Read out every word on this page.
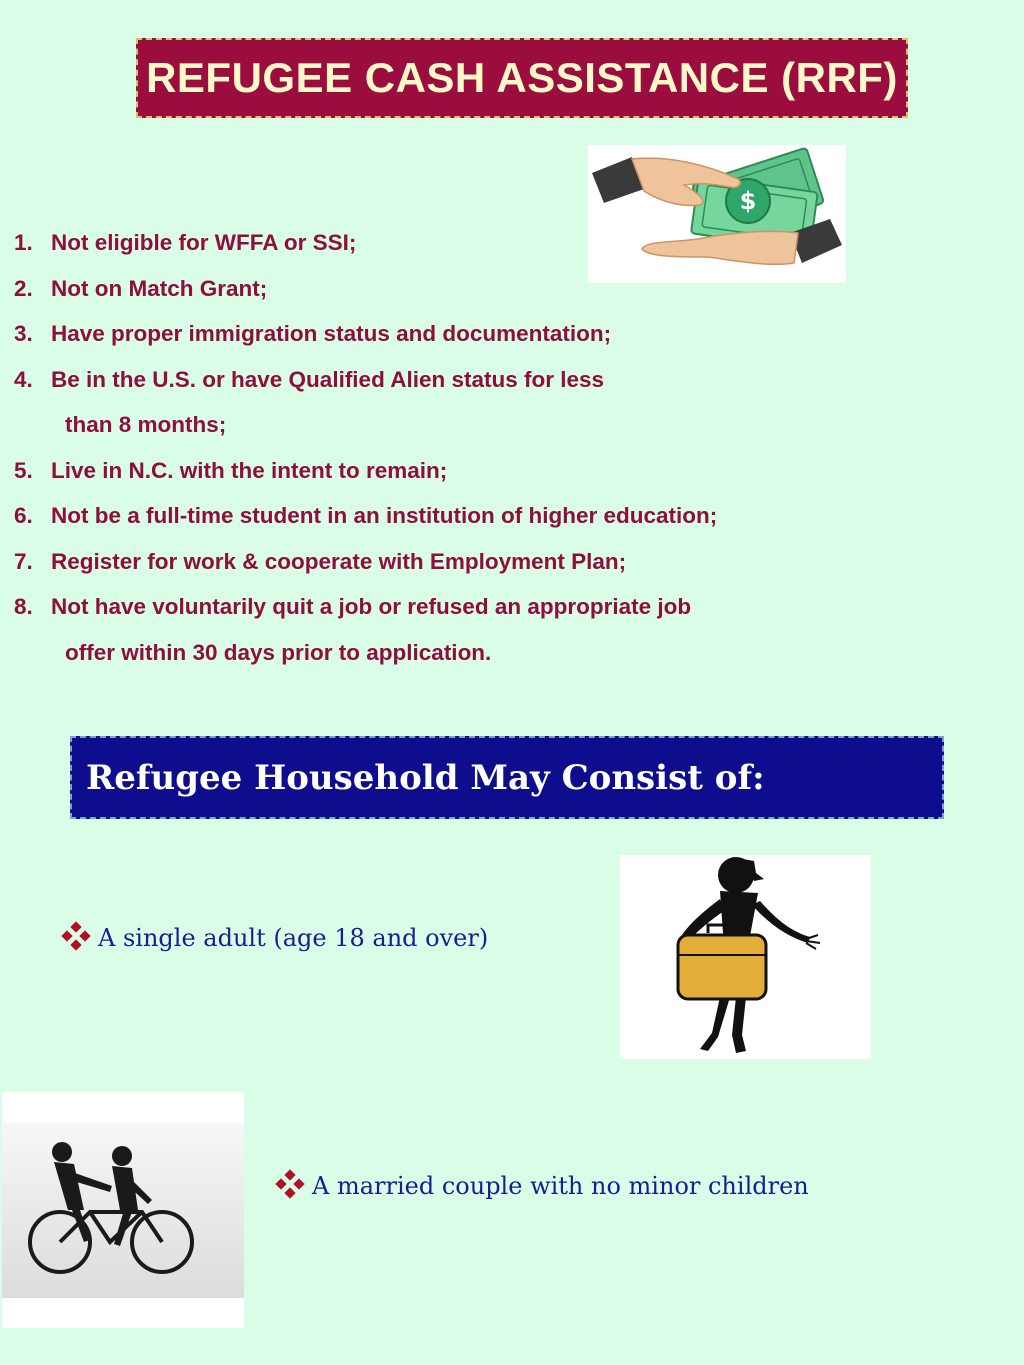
REFUGEE CASH ASSISTANCE (RRF)
$
1. Not eligible for WFFA or SSI;
2. Not on Match Grant;
3. Have proper immigration status and documentation;
4. Be in the U.S. or have Qualified Alien status for less
than 8 months;
5. Live in N.C. with the intent to remain;
6. Not be a full-time student in an institution of higher education;
7. Register for work & cooperate with Employment Plan;
8. Not have voluntarily quit a job or refused an appropriate job
offer within 30 days prior to application.
Refugee Household May Consist of:
A single adult (age 18 and over)
A married couple with no minor children
